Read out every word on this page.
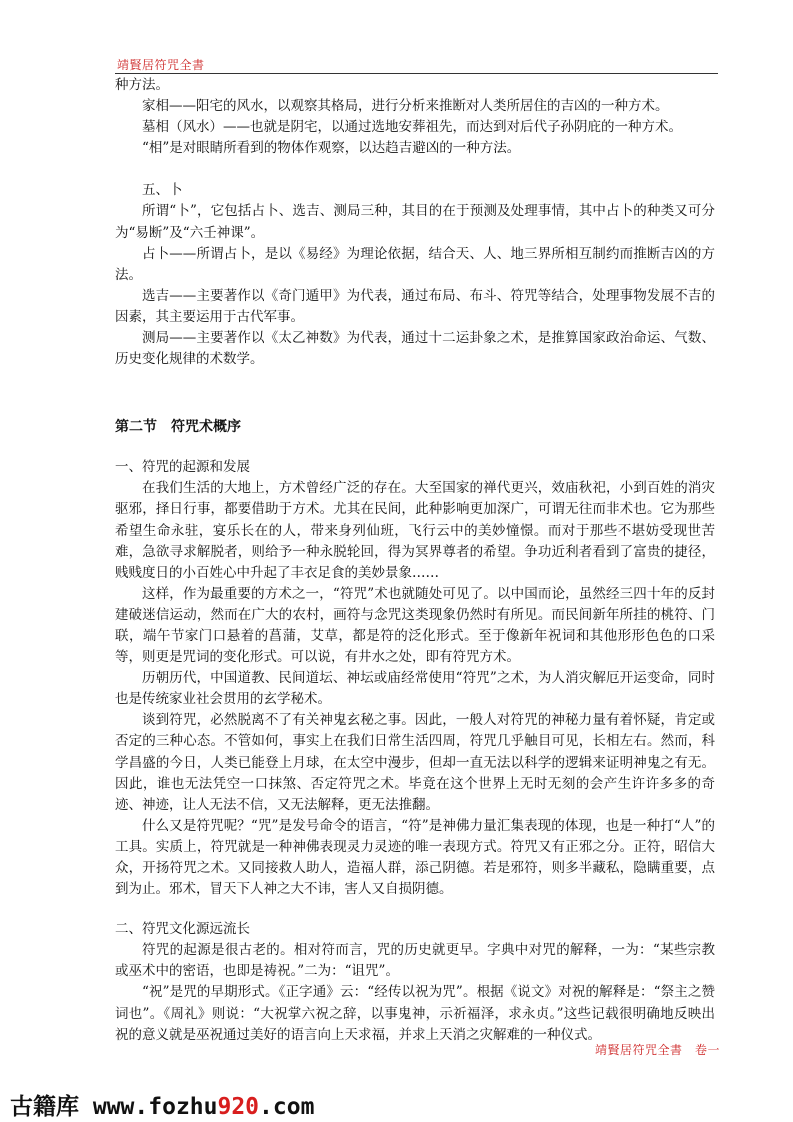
靖賢居符咒全書

种方法。

家相——阳宅的风水，以观察其格局，进行分析来推断对人类所居住的吉凶的一种方术。

墓相（风水）——也就是阴宅，以通过选地安葬祖先，而达到对后代子孙阴庇的一种方术。

“相”是对眼睛所看到的物体作观察，以达趋吉避凶的一种方法。

五、卜

所谓“卜”，它包括占卜、选吉、测局三种，其目的在于预测及处理事情，其中占卜的种类又可分为“易断”及“六壬神课”。

占卜——所谓占卜，是以《易经》为理论依据，结合天、人、地三界所相互制约而推断吉凶的方法。

选吉——主要著作以《奇门遁甲》为代表，通过布局、布斗、符咒等结合，处理事物发展不吉的因素，其主要运用于古代军事。

测局——主要著作以《太乙神数》为代表，通过十二运卦象之术，是推算国家政治命运、气数、历史变化规律的术数学。

第二节　符咒术概序

一、符咒的起源和发展

在我们生活的大地上，方术曾经广泛的存在。大至国家的禅代更兴，效庙秋祀，小到百姓的消灾驱邪，择日行事，都要借助于方术。尤其在民间，此种影响更加深广，可谓无往而非术也。它为那些希望生命永驻，宴乐长在的人，带来身列仙班，飞行云中的美妙憧憬。而对于那些不堪妨受现世苦难，急欲寻求解脱者，则给予一种永脱轮回，得为冥界尊者的希望。争功近利者看到了富贵的捷径，贱贱度日的小百姓心中升起了丰衣足食的美妙景象……

这样，作为最重要的方术之一，“符咒”术也就随处可见了。以中国而论，虽然经三四十年的反封建破迷信运动，然而在广大的农村，画符与念咒这类现象仍然时有所见。而民间新年所挂的桃符、门联，端午节家门口悬着的菖蒲，艾草，都是符的泛化形式。至于像新年祝词和其他形形色色的口采等，则更是咒词的变化形式。可以说，有井水之处，即有符咒方术。

历朝历代，中国道教、民间道坛、神坛或庙经常使用“符咒”之术，为人消灾解厄开运变命，同时也是传统家业社会贯用的玄学秘术。

谈到符咒，必然脱离不了有关神鬼玄秘之事。因此，一般人对符咒的神秘力量有着怀疑，肯定或否定的三种心态。不管如何，事实上在我们日常生活四周，符咒几乎触目可见，长相左右。然而，科学昌盛的今日，人类已能登上月球，在太空中漫步，但却一直无法以科学的逻辑来证明神鬼之有无。因此，谁也无法凭空一口抹煞、否定符咒之术。毕竟在这个世界上无时无刻的会产生许许多多的奇迹、神迹，让人无法不信，又无法解释，更无法推翻。

什么又是符咒呢？“咒”是发号命令的语言，“符”是神佛力量汇集表现的体现，也是一种打“人”的工具。实质上，符咒就是一种神佛表现灵力灵迹的唯一表现方式。符咒又有正邪之分。正符，昭信大众，开扬符咒之术。又同接救人助人，造福人群，添己阴德。若是邪符，则多半藏私，隐瞒重要，点到为止。邪术，冒天下人神之大不讳，害人又自损阴德。

二、符咒文化源远流长

符咒的起源是很古老的。相对符而言，咒的历史就更早。字典中对咒的解释，一为：“某些宗教或巫术中的密语，也即是祷祝。”二为：“诅咒”。

“祝”是咒的早期形式。《正字通》云：“经传以祝为咒”。根据《说文》对祝的解释是：“祭主之赞词也”。《周礼》则说：“大祝掌六祝之辞，以事鬼神，示祈福泽，求永贞。”这些记载很明确地反映出祝的意义就是巫祝通过美好的语言向上天求福，并求上天消之灾解难的一种仪式。

靖賢居符咒全書　卷一
古籍库 www.fozhu920.com
